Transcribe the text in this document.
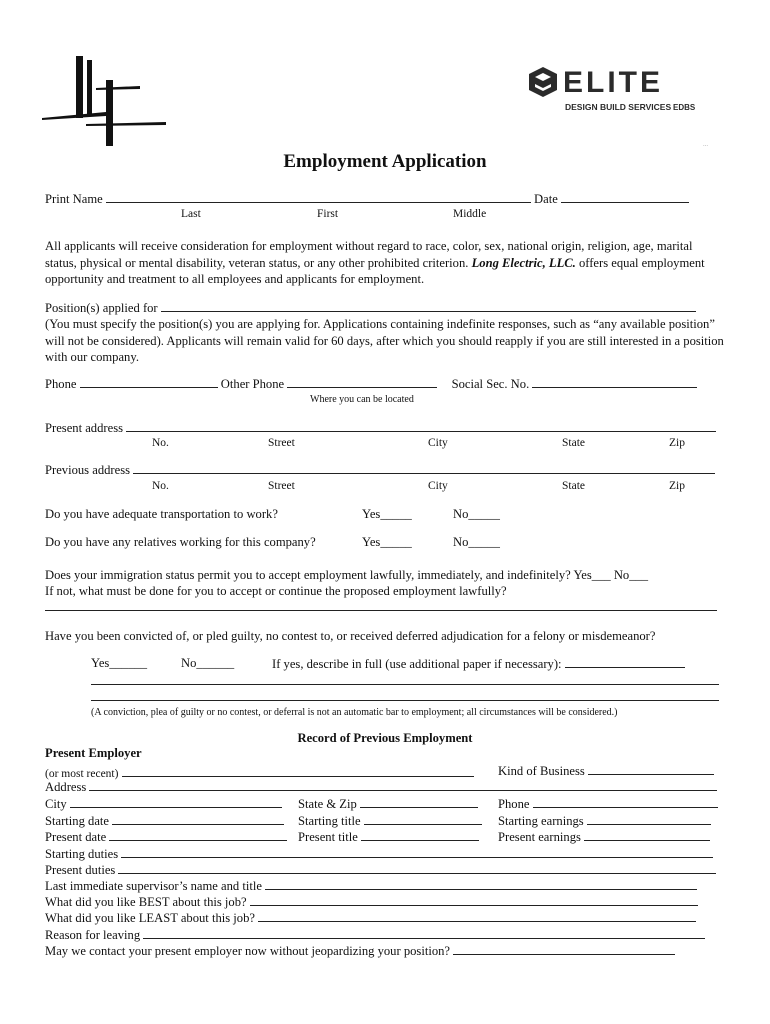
LE
ELITE
DESIGN BUILD SERVICES EDBS
...
Employment Application
Print Name	Date
Last	First	Middle
All applicants will receive consideration for employment without regard to race, color, sex, national origin, religion, age, marital status, physical or mental disability, veteran status, or any other prohibited criterion. Long Electric, LLC. offers equal employment opportunity and treatment to all employees and applicants for employment.
Position(s) applied for
(You must specify the position(s) you are applying for. Applications containing indefinite responses, such as “any available position” will not be considered). Applicants will remain valid for 60 days, after which you should reapply if you are still interested in a position with our company.
Phone	Other Phone	Social Sec. No.
Where you can be located
Present address
No.	Street	City	State	Zip
Previous address
No.	Street	City	State	Zip
Do you have adequate transportation to work?	Yes_____	No_____
Do you have any relatives working for this company?	Yes_____	No_____
Does your immigration status permit you to accept employment lawfully, immediately, and indefinitely? Yes___ No___
If not, what must be done for you to accept or continue the proposed employment lawfully?
Have you been convicted of, or pled guilty, no contest to, or received deferred adjudication for a felony or misdemeanor?
Yes______	No______	If yes, describe in full (use additional paper if necessary):
(A conviction, plea of guilty or no contest, or deferral is not an automatic bar to employment; all circumstances will be considered.)
Record of Previous Employment
Present Employer
(or most recent)	Kind of Business
Address
City	State & Zip	Phone
Starting date	Starting title	Starting earnings
Present date	Present title	Present earnings
Starting duties
Present duties
Last immediate supervisor’s name and title
What did you like BEST about this job?
What did you like LEAST about this job?
Reason for leaving
May we contact your present employer now without jeopardizing your position?
